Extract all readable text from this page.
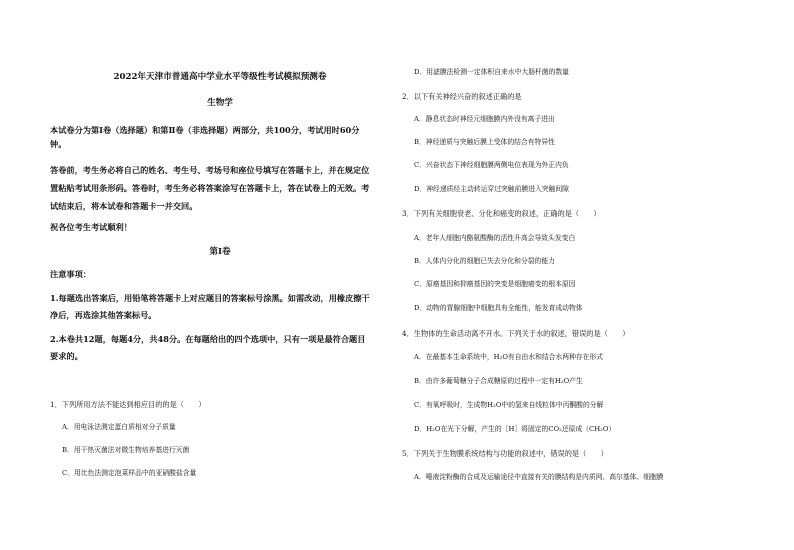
2022年天津市普通高中学业水平等级性考试模拟预测卷
生物学
本试卷分为第Ⅰ卷（选择题）和第Ⅱ卷（非选择题）两部分，共100分，考试用时60分
钟。
答卷前，考生务必将自己的姓名、考生号、考场号和座位号填写在答题卡上，并在规定位
置粘贴考试用条形码。答卷时，考生务必将答案涂写在答题卡上，答在试卷上的无效。考
试结束后，将本试卷和答题卡一并交回。
祝各位考生考试顺利！
第Ⅰ卷
注意事项：
1.每题选出答案后，用铅笔将答题卡上对应题目的答案标号涂黑。如需改动，用橡皮擦干
净后，再选涂其他答案标号。
2.本卷共12题，每题4分，共48分。在每题给出的四个选项中，只有一项是最符合题目
要求的。
1．下列所用方法不能达到相应目的的是（　　）
A．用电泳法测定蛋白质相对分子质量
B．用干热灭菌法对微生物培养基进行灭菌
C．用比色法测定泡菜样品中的亚硝酸盐含量
D．用滤膜法检测一定体积自来水中大肠杆菌的数量
2．以下有关神经兴奋的叙述正确的是
A．静息状态时神经元细胞膜内外没有离子进出
B．神经递质与突触后膜上受体的结合有特异性
C．兴奋状态下神经细胞膜两侧电位表现为外正内负
D．神经递质经主动转运穿过突触前膜进入突触间隙
3．下列有关细胞衰老、分化和癌变的叙述，正确的是（　　）
A．老年人细胞内酪氨酸酶的活性升高会导致头发变白
B．人体内分化的细胞已失去分化和分裂的能力
C．原癌基因和抑癌基因的突变是细胞癌变的根本原因
D．动物的胃腺细胞中细胞具有全能性，能发育成动物体
4．生物体的生命活动离不开水。下列关于水的叙述，错误的是（　　）
A．在最基本生命系统中，H₂O有自由水和结合水两种存在形式
B．由许多葡萄糖分子合成糖原的过程中一定有H₂O产生
C．有氧呼吸时，生成物H₂O中的氢来自线粒体中丙酮酸的分解
D．H₂O在光下分解，产生的［H］将固定的CO₂还原成（CH₂O）
5．下列关于生物膜系统结构与功能的叙述中，错误的是（　　）
A．唾液淀粉酶的合成及运输途径中直接有关的膜结构是内质网、高尔基体、细胞膜
